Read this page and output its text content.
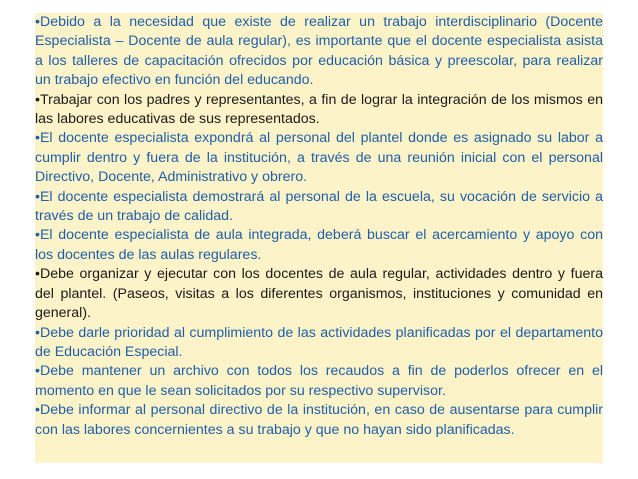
•Debido a la necesidad que existe de realizar un trabajo interdisciplinario (Docente Especialista – Docente de aula regular), es importante que el docente especialista asista a los talleres de capacitación ofrecidos por educación básica y preescolar, para realizar un trabajo efectivo en función del educando.

•Trabajar con los padres y representantes, a fin de lograr la integración de los mismos en las labores educativas de sus representados.

•El docente especialista expondrá al personal del plantel donde es asignado su labor a cumplir dentro y fuera de la institución, a través de una reunión inicial con el personal Directivo, Docente, Administrativo y obrero.

•El docente especialista demostrará al personal de la escuela, su vocación de servicio a través de un trabajo de calidad.

•El docente especialista de aula integrada, deberá buscar el acercamiento y apoyo con los docentes de las aulas regulares.

•Debe organizar y ejecutar con los docentes de aula regular, actividades dentro y fuera del plantel. (Paseos, visitas a los diferentes organismos, instituciones y comunidad en general).

•Debe darle prioridad al cumplimiento de las actividades planificadas por el departamento de Educación Especial.

•Debe mantener un archivo con todos los recaudos a fin de poderlos ofrecer en el momento en que le sean solicitados por su respectivo supervisor.

•Debe informar al personal directivo de la institución, en caso de ausentarse para cumplir con las labores concernientes a su trabajo y que no hayan sido planificadas.
